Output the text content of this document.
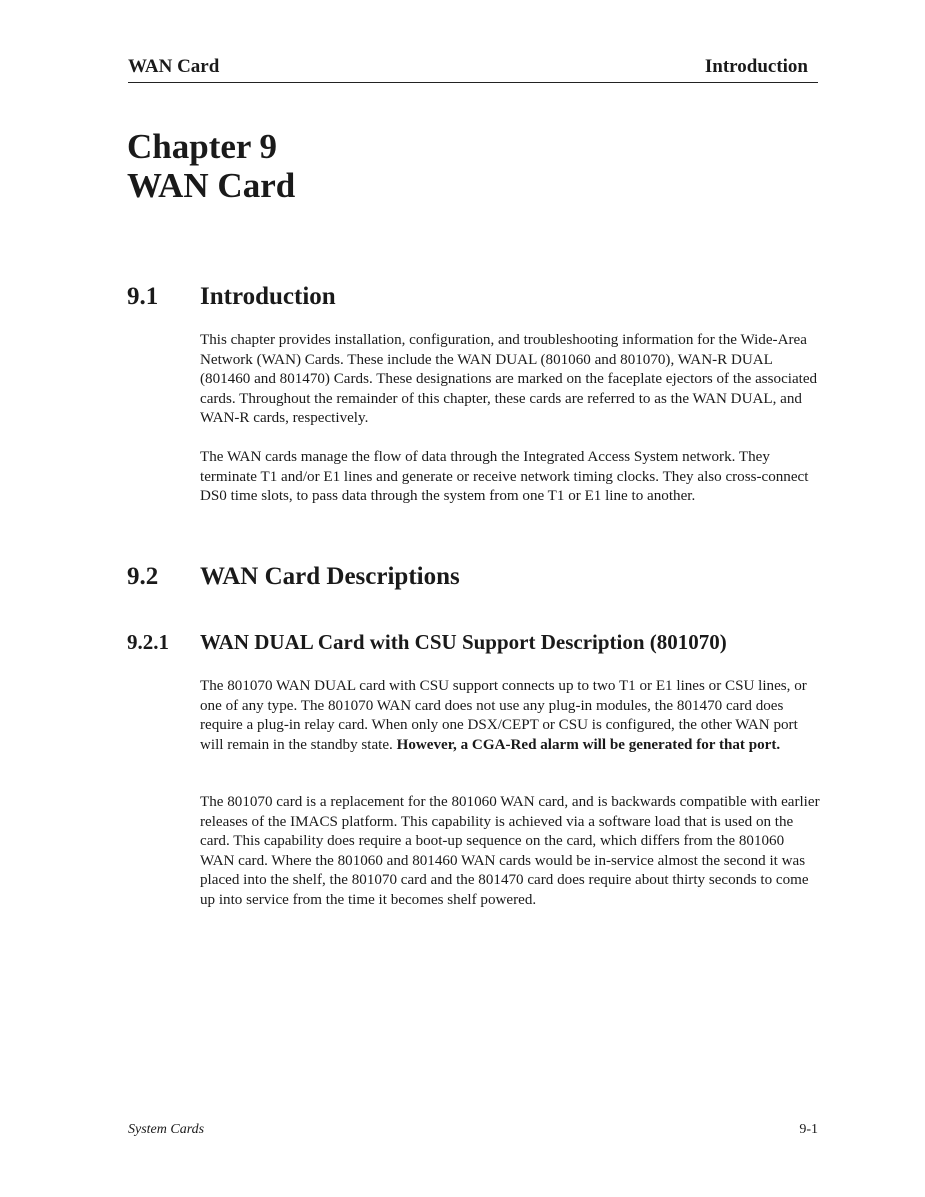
WAN Card	Introduction
Chapter 9
WAN Card
9.1 Introduction

This chapter provides installation, configuration, and troubleshooting information for the Wide-Area Network (WAN) Cards. These include the WAN DUAL (801060 and 801070), WAN-R DUAL (801460 and 801470) Cards. These designations are marked on the faceplate ejectors of the associated cards. Throughout the remainder of this chapter, these cards are referred to as the WAN DUAL, and WAN-R cards, respectively.

The WAN cards manage the flow of data through the Integrated Access System network. They terminate T1 and/or E1 lines and generate or receive network timing clocks. They also cross-connect DS0 time slots, to pass data through the system from one T1 or E1 line to another.

9.2 WAN Card Descriptions
9.2.1 WAN DUAL Card with CSU Support Description (801070)

The 801070 WAN DUAL card with CSU support connects up to two T1 or E1 lines or CSU lines, or one of any type. The 801070 WAN card does not use any plug-in modules, the 801470 card does require a plug-in relay card. When only one DSX/CEPT or CSU is configured, the other WAN port will remain in the standby state. However, a CGA-Red alarm will be generated for that port.

The 801070 card is a replacement for the 801060 WAN card, and is backwards compatible with earlier releases of the IMACS platform. This capability is achieved via a software load that is used on the card. This capability does require a boot-up sequence on the card, which differs from the 801060 WAN card. Where the 801060 and 801460 WAN cards would be in-service almost the second it was placed into the shelf, the 801070 card and the 801470 card does require about thirty seconds to come up into service from the time it becomes shelf powered.

System Cards	9-1
